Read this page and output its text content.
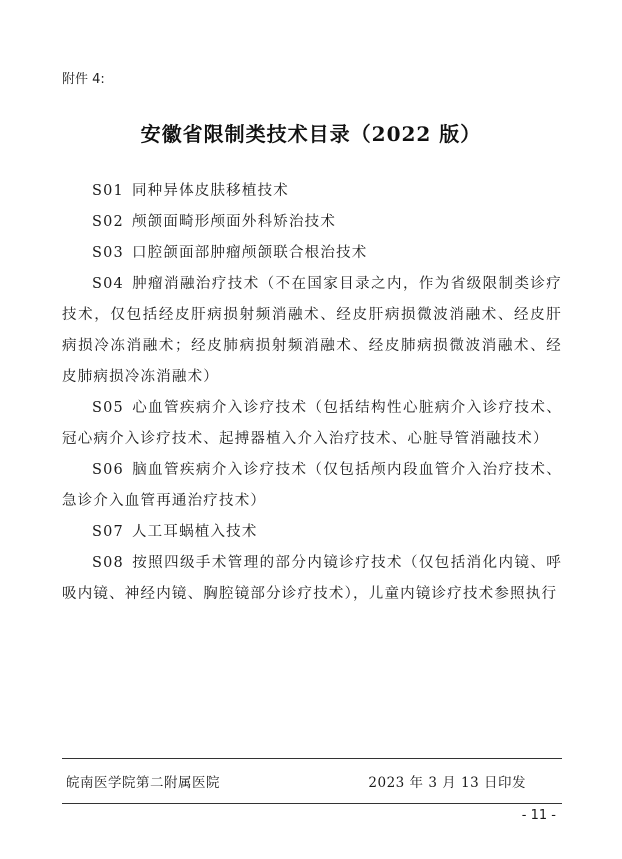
附件 4:

安徽省限制类技术目录（2022 版）
S01 同种异体皮肤移植技术
S02 颅颌面畸形颅面外科矫治技术
S03 口腔颌面部肿瘤颅颌联合根治技术
S04 肿瘤消融治疗技术（不在国家目录之内，作为省级限制类诊疗技术，仅包括经皮肝病损射频消融术、经皮肝病损微波消融术、经皮肝病损冷冻消融术；经皮肺病损射频消融术、经皮肺病损微波消融术、经皮肺病损冷冻消融术）
S05 心血管疾病介入诊疗技术（包括结构性心脏病介入诊疗技术、冠心病介入诊疗技术、起搏器植入介入治疗技术、心脏导管消融技术）
S06 脑血管疾病介入诊疗技术（仅包括颅内段血管介入治疗技术、急诊介入血管再通治疗技术）
S07 人工耳蜗植入技术
S08 按照四级手术管理的部分内镜诊疗技术（仅包括消化内镜、呼吸内镜、神经内镜、胸腔镜部分诊疗技术），儿童内镜诊疗技术参照执行
皖南医学院第二附属医院	2023 年 3 月 13 日印发
- 11 -
